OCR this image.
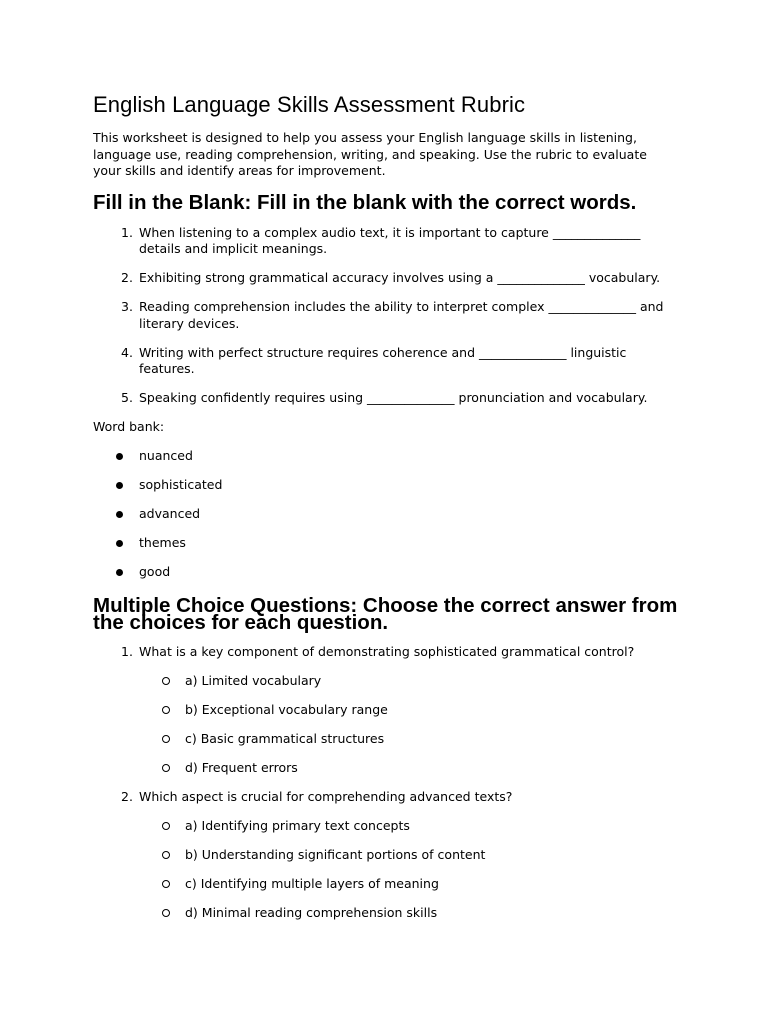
English Language Skills Assessment Rubric

This worksheet is designed to help you assess your English language skills in listening, language use, reading comprehension, writing, and speaking. Use the rubric to evaluate your skills and identify areas for improvement.

Fill in the Blank: Fill in the blank with the correct words.
1. When listening to a complex audio text, it is important to capture ______________ details and implicit meanings.
2. Exhibiting strong grammatical accuracy involves using a ______________ vocabulary.
3. Reading comprehension includes the ability to interpret complex ______________ and literary devices.
4. Writing with perfect structure requires coherence and ______________ linguistic features.
5. Speaking confidently requires using ______________ pronunciation and vocabulary.

Word bank:

nuanced
sophisticated
advanced
themes
good
Multiple Choice Questions: Choose the correct answer from the choices for each question.
1. What is a key component of demonstrating sophisticated grammatical control?
a) Limited vocabulary
b) Exceptional vocabulary range
c) Basic grammatical structures
d) Frequent errors
2. Which aspect is crucial for comprehending advanced texts?
a) Identifying primary text concepts
b) Understanding significant portions of content
c) Identifying multiple layers of meaning
d) Minimal reading comprehension skills
